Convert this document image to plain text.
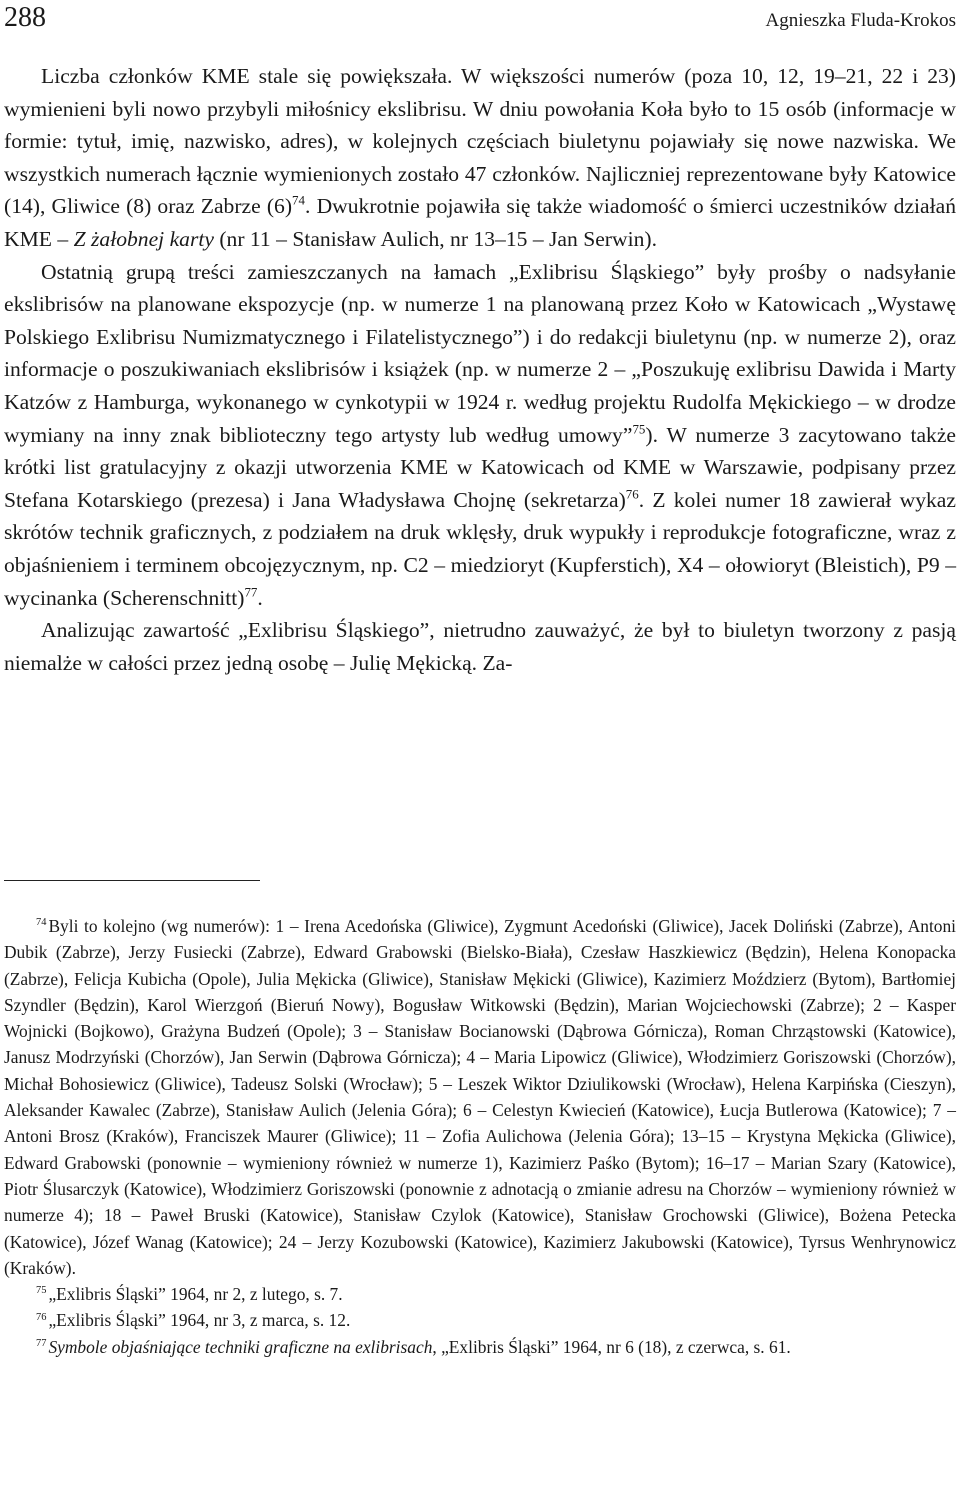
288	Agnieszka Fluda-Krokos

Liczba członków KME stale się powiększała. W większości numerów (poza 10, 12, 19–21, 22 i 23) wymienieni byli nowo przybyli miłośnicy ekslibrisu. W dniu powołania Koła było to 15 osób (informacje w formie: tytuł, imię, nazwisko, adres), w kolejnych częściach biuletynu pojawiały się nowe nazwiska. We wszystkich numerach łącznie wymienionych zostało 47 członków. Najliczniej reprezentowane były Katowice (14), Gliwice (8) oraz Zabrze $(6)^{74}$. Dwukrotnie pojawiła się także wiadomość o śmierci uczestników działań KME – Z żałobnej karty (nr 11 – Stanisław Aulich, nr 13–15 – Jan Serwin).

Ostatnią grupą treści zamieszczanych na łamach „Exlibrisu Śląskiego” były prośby o nadsyłanie ekslibrisów na planowane ekspozycje (np. w numerze 1 na planowaną przez Koło w Katowicach „Wystawę Polskiego Exlibrisu Numizmatycznego i Filatelistycznego”) i do redakcji biuletynu (np. w numerze 2), oraz informacje o poszukiwaniach ekslibrisów i książek (np. w numerze 2 – „Poszukuję exlibrisu Dawida i Marty Katzów z Hamburga, wykonanego w cynkotypii w 1924 r. według projektu Rudolfa Mękickiego – w drodze wymiany na inny znak biblioteczny tego artysty lub według umowy”$^{75}$). W numerze 3 zacytowano także krótki list gratulacyjny z okazji utworzenia KME w Katowicach od KME w Warszawie, podpisany przez Stefana Kotarskiego (prezesa) i Jana Władysława Chojnę (sekretarza)$^{76}$. Z kolei numer 18 zawierał wykaz skrótów technik graficznych, z podziałem na druk wklęsły, druk wypukły i reprodukcje fotograficzne, wraz z objaśnieniem i terminem obcojęzycznym, np. C2 – miedzioryt (Kupferstich), X4 – ołowioryt (Bleistich), P9 – wycinanka (Scherenschnitt)$^{77}$.

Analizując zawartość „Exlibrisu Śląskiego”, nietrudno zauważyć, że był to biuletyn tworzony z pasją niemalże w całości przez jedną osobę – Julię Mękicką. Za-

$^{74}$ Byli to kolejno (wg numerów): 1 – Irena Acedońska (Gliwice), Zygmunt Acedoński (Gliwice), Jacek Doliński (Zabrze), Antoni Dubik (Zabrze), Jerzy Fusiecki (Zabrze), Edward Grabowski (Bielsko-Biała), Czesław Haszkiewicz (Będzin), Helena Konopacka (Zabrze), Felicja Kubicha (Opole), Julia Mękicka (Gliwice), Stanisław Mękicki (Gliwice), Kazimierz Moździerz (Bytom), Bartłomiej Szyndler (Będzin), Karol Wierzgoń (Bieruń Nowy), Bogusław Witkowski (Będzin), Marian Wojciechowski (Zabrze); 2 – Kasper Wojnicki (Bojkowo), Grażyna Budzeń (Opole); 3 – Stanisław Bocianowski (Dąbrowa Górnicza), Roman Chrząstowski (Katowice), Janusz Modrzyński (Chorzów), Jan Serwin (Dąbrowa Górnicza); 4 – Maria Lipowicz (Gliwice), Włodzimierz Goriszowski (Chorzów), Michał Bohosiewicz (Gliwice), Tadeusz Solski (Wrocław); 5 – Leszek Wiktor Dziulikowski (Wrocław), Helena Karpińska (Cieszyn), Aleksander Kawalec (Zabrze), Stanisław Aulich (Jelenia Góra); 6 – Celestyn Kwiecień (Katowice), Łucja Butlerowa (Katowice); 7 – Antoni Brosz (Kraków), Franciszek Maurer (Gliwice); 11 – Zofia Aulichowa (Jelenia Góra); 13–15 – Krystyna Mękicka (Gliwice), Edward Grabowski (ponownie – wymieniony również w numerze 1), Kazimierz Paśko (Bytom); 16–17 – Marian Szary (Katowice), Piotr Ślusarczyk (Katowice), Włodzimierz Goriszowski (ponownie z adnotacją o zmianie adresu na Chorzów – wymieniony również w numerze 4); 18 – Paweł Bruski (Katowice), Stanisław Czylok (Katowice), Stanisław Grochowski (Gliwice), Bożena Petecka (Katowice), Józef Wanag (Katowice); 24 – Jerzy Kozubowski (Katowice), Kazimierz Jakubowski (Katowice), Tyrsus Wenhrynowicz (Kraków).

$^{75}$ „Exlibris Śląski” 1964, nr 2, z lutego, s. 7.

$^{76}$ „Exlibris Śląski” 1964, nr 3, z marca, s. 12.

$^{77}$ Symbole objaśniające techniki graficzne na exlibrisach, „Exlibris Śląski” 1964, nr 6 (18), z czerwca, s. 61.
